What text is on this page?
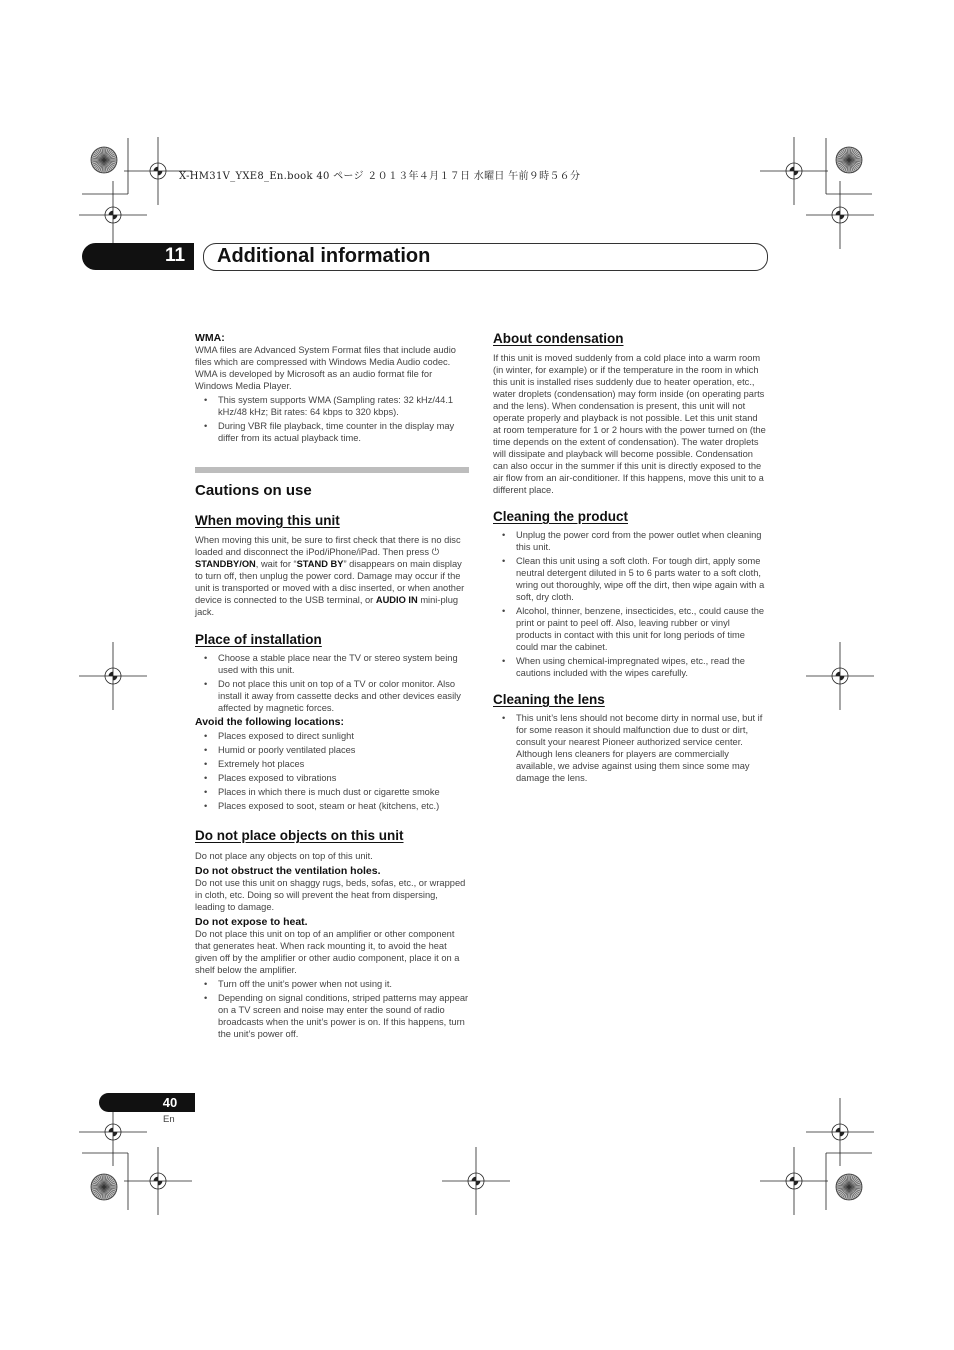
X-HM31V_YXE8_En.book 40 ページ ２０１３年４月１７日 水曜日 午前９時５６分
11 Additional information

WMA:

WMA files are Advanced System Format files that include audio files which are compressed with Windows Media Audio codec. WMA is developed by Microsoft as an audio format file for Windows Media Player.

• This system supports WMA (Sampling rates: 32 kHz/44.1 kHz/48 kHz; Bit rates: 64 kbps to 320 kbps).
• During VBR file playback, time counter in the display may differ from its actual playback time.

Cautions on use

When moving this unit

When moving this unit, be sure to first check that there is no disc loaded and disconnect the iPod/iPhone/iPad. Then press ⏻ STANDBY/ON, wait for “STAND BY” disappears on main display to turn off, then unplug the power cord. Damage may occur if the unit is transported or moved with a disc inserted, or when another device is connected to the USB terminal, or AUDIO IN mini-plug jack.

Place of installation

• Choose a stable place near the TV or stereo system being used with this unit.
• Do not place this unit on top of a TV or color monitor. Also install it away from cassette decks and other devices easily affected by magnetic forces.

Avoid the following locations:

• Places exposed to direct sunlight
• Humid or poorly ventilated places
• Extremely hot places
• Places exposed to vibrations
• Places in which there is much dust or cigarette smoke
• Places exposed to soot, steam or heat (kitchens, etc.)

Do not place objects on this unit

Do not place any objects on top of this unit.

Do not obstruct the ventilation holes.

Do not use this unit on shaggy rugs, beds, sofas, etc., or wrapped in cloth, etc. Doing so will prevent the heat from dispersing, leading to damage.

Do not expose to heat.

Do not place this unit on top of an amplifier or other component that generates heat. When rack mounting it, to avoid the heat given off by the amplifier or other audio component, place it on a shelf below the amplifier.

• Turn off the unit’s power when not using it.
• Depending on signal conditions, striped patterns may appear on a TV screen and noise may enter the sound of radio broadcasts when the unit’s power is on. If this happens, turn the unit’s power off.

About condensation

If this unit is moved suddenly from a cold place into a warm room (in winter, for example) or if the temperature in the room in which this unit is installed rises suddenly due to heater operation, etc., water droplets (condensation) may form inside (on operating parts and the lens). When condensation is present, this unit will not operate properly and playback is not possible. Let this unit stand at room temperature for 1 or 2 hours with the power turned on (the time depends on the extent of condensation). The water droplets will dissipate and playback will become possible. Condensation can also occur in the summer if this unit is directly exposed to the air flow from an air-conditioner. If this happens, move this unit to a different place.

Cleaning the product

• Unplug the power cord from the power outlet when cleaning this unit.
• Clean this unit using a soft cloth. For tough dirt, apply some neutral detergent diluted in 5 to 6 parts water to a soft cloth, wring out thoroughly, wipe off the dirt, then wipe again with a soft, dry cloth.
• Alcohol, thinner, benzene, insecticides, etc., could cause the print or paint to peel off. Also, leaving rubber or vinyl products in contact with this unit for long periods of time could mar the cabinet.
• When using chemical-impregnated wipes, etc., read the cautions included with the wipes carefully.

Cleaning the lens

• This unit’s lens should not become dirty in normal use, but if for some reason it should malfunction due to dust or dirt, consult your nearest Pioneer authorized service center. Although lens cleaners for players are commercially available, we advise against using them since some may damage the lens.
40
En
